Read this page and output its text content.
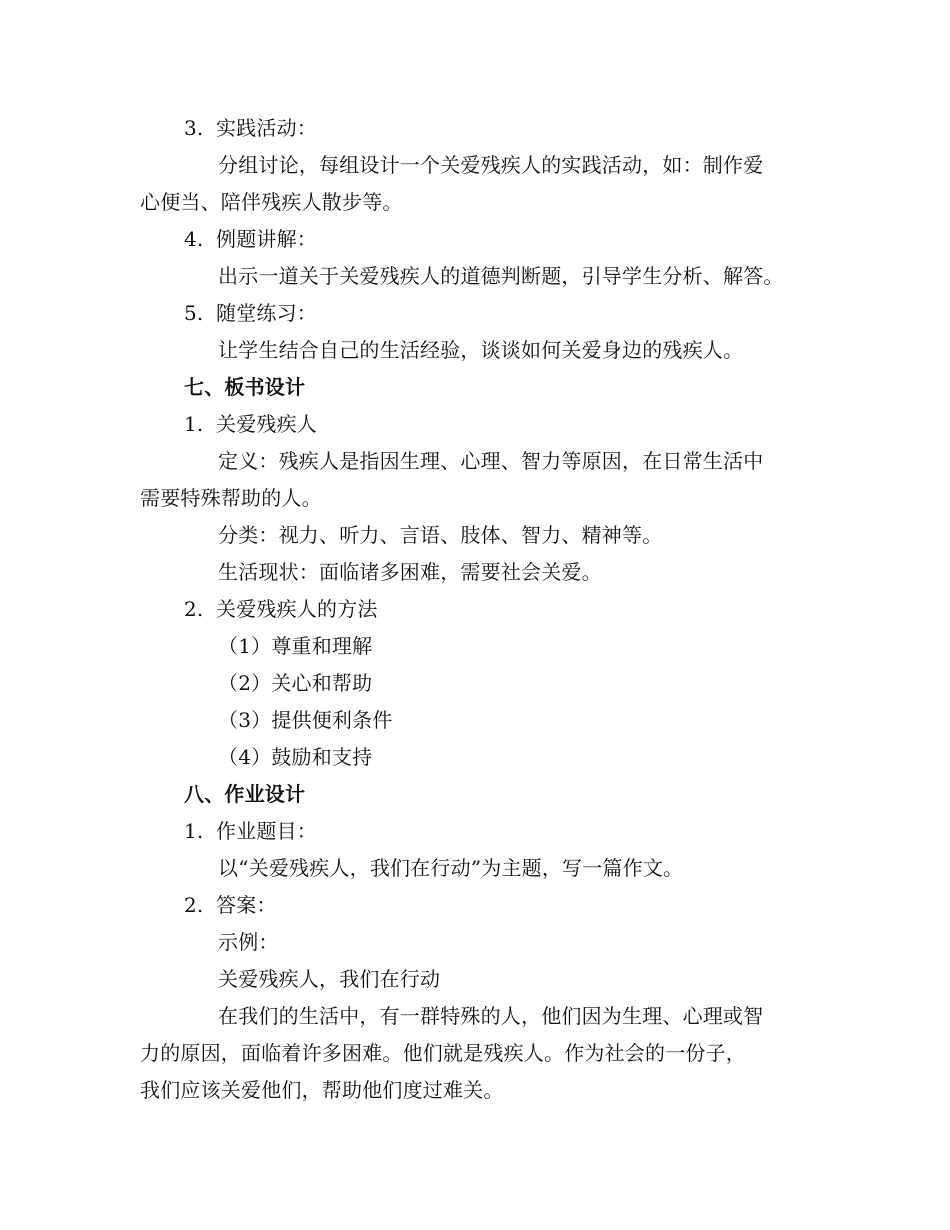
3. 实践活动：
分组讨论，每组设计一个关爱残疾人的实践活动，如：制作爱
心便当、陪伴残疾人散步等。
4. 例题讲解：
出示一道关于关爱残疾人的道德判断题，引导学生分析、解答。
5. 随堂练习：
让学生结合自己的生活经验，谈谈如何关爱身边的残疾人。
七、板书设计
1. 关爱残疾人
定义：残疾人是指因生理、心理、智力等原因，在日常生活中
需要特殊帮助的人。
分类：视力、听力、言语、肢体、智力、精神等。
生活现状：面临诸多困难，需要社会关爱。
2. 关爱残疾人的方法
（1）尊重和理解
（2）关心和帮助
（3）提供便利条件
（4）鼓励和支持
八、作业设计
1. 作业题目：
以“关爱残疾人，我们在行动”为主题，写一篇作文。
2. 答案：
示例：
关爱残疾人，我们在行动
在我们的生活中，有一群特殊的人，他们因为生理、心理或智
力的原因，面临着许多困难。他们就是残疾人。作为社会的一份子，
我们应该关爱他们，帮助他们度过难关。
